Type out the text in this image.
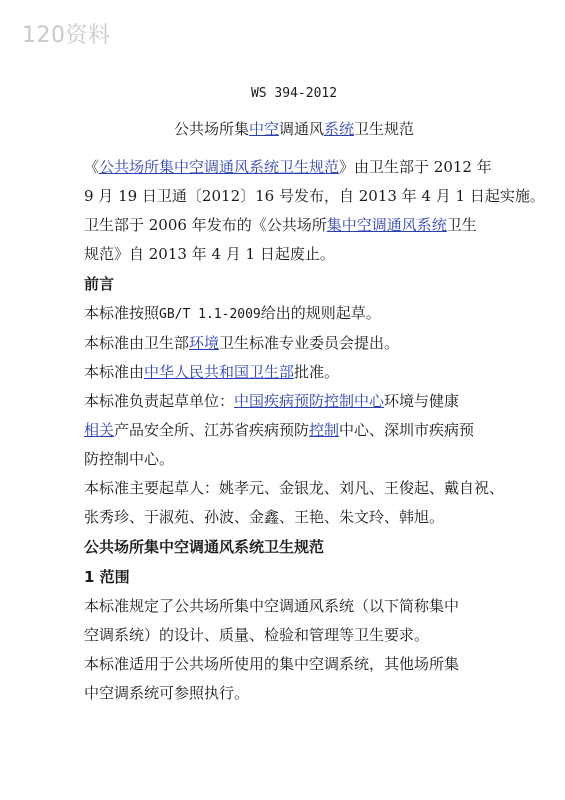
120资料
WS 394-2012
公共场所集中空调通风系统卫生规范

《公共场所集中空调通风系统卫生规范》由卫生部于 2012 年

9 月 19 日卫通〔2012〕16 号发布，自 2013 年 4 月 1 日起实施。

卫生部于 2006 年发布的《公共场所集中空调通风系统卫生

规范》自 2013 年 4 月 1 日起废止。

前言

本标准按照GB/T 1.1-2009给出的规则起草。

本标准由卫生部环境卫生标准专业委员会提出。

本标准由中华人民共和国卫生部批准。

本标准负责起草单位：中国疾病预防控制中心环境与健康

相关产品安全所、江苏省疾病预防控制中心、深圳市疾病预

防控制中心。

本标准主要起草人：姚孝元、金银龙、刘凡、王俊起、戴自祝、

张秀珍、于淑苑、孙波、金鑫、王艳、朱文玲、韩旭。

公共场所集中空调通风系统卫生规范

1 范围

本标准规定了公共场所集中空调通风系统（以下简称集中

空调系统）的设计、质量、检验和管理等卫生要求。

本标准适用于公共场所使用的集中空调系统，其他场所集

中空调系统可参照执行。
